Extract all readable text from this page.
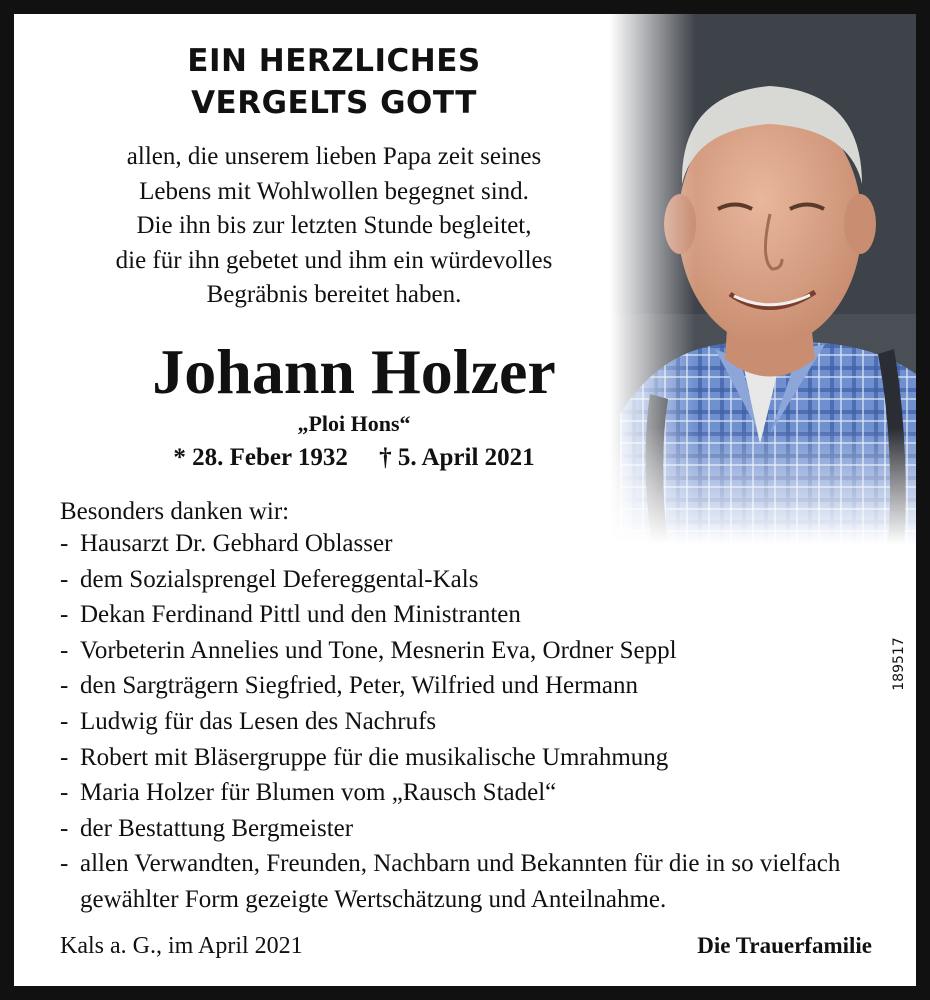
EIN HERZLICHES
VERGELTS GOTT
allen, die unserem lieben Papa zeit seines
Lebens mit Wohlwollen begegnet sind.
Die ihn bis zur letzten Stunde begleitet,
die für ihn gebetet und ihm ein würdevolles
Begräbnis bereitet haben.
Johann Holzer
„Ploi Hons“
* 28. Feber 1932     † 5. April 2021
Besonders danken wir:
- Hausarzt Dr. Gebhard Oblasser
- dem Sozialsprengel Defereggental-Kals
- Dekan Ferdinand Pittl und den Ministranten
- Vorbeterin Annelies und Tone, Mesnerin Eva, Ordner Seppl
- den Sargträgern Siegfried, Peter, Wilfried und Hermann
- Ludwig für das Lesen des Nachrufs
- Robert mit Bläsergruppe für die musikalische Umrahmung
- Maria Holzer für Blumen vom „Rausch Stadel“
- der Bestattung Bergmeister
- allen Verwandten, Freunden, Nachbarn und Bekannten für die in so vielfach gewählter Form gezeigte Wertschätzung und Anteilnahme.
Kals a. G., im April 2021	Die Trauerfamilie
189517
